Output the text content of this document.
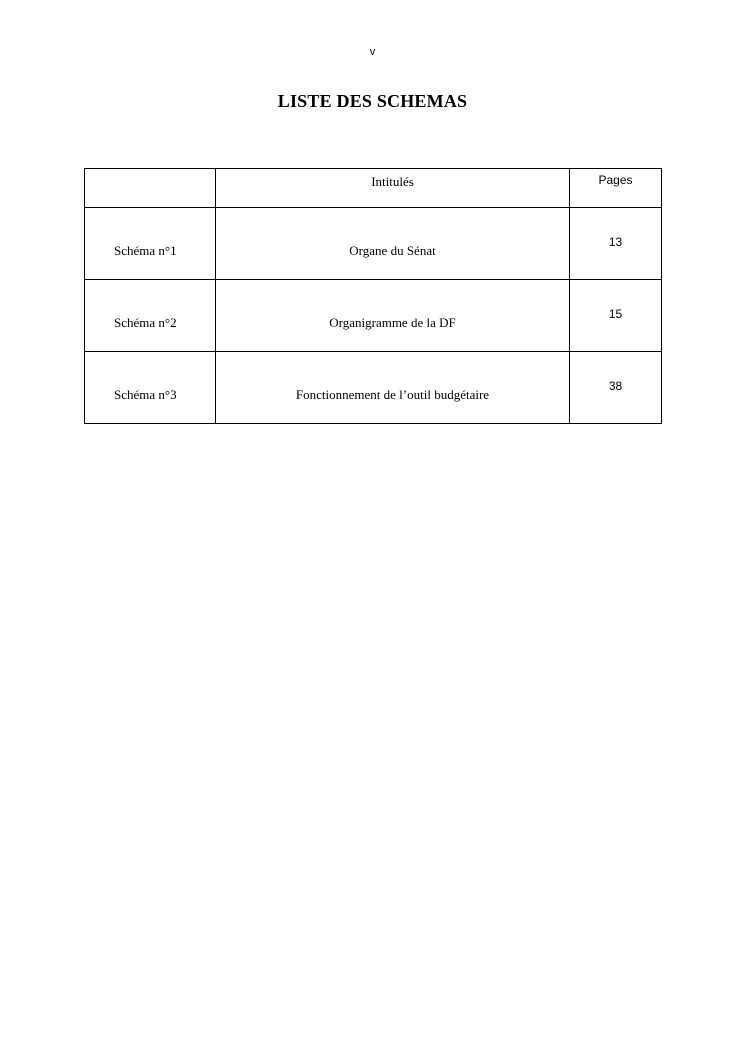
v
LISTE DES SCHEMAS
	Intitulés	Pages
Schéma n°1	Organe du Sénat	13
Schéma n°2	Organigramme de la DF	15
Schéma n°3	Fonctionnement de l’outil budgétaire	38
